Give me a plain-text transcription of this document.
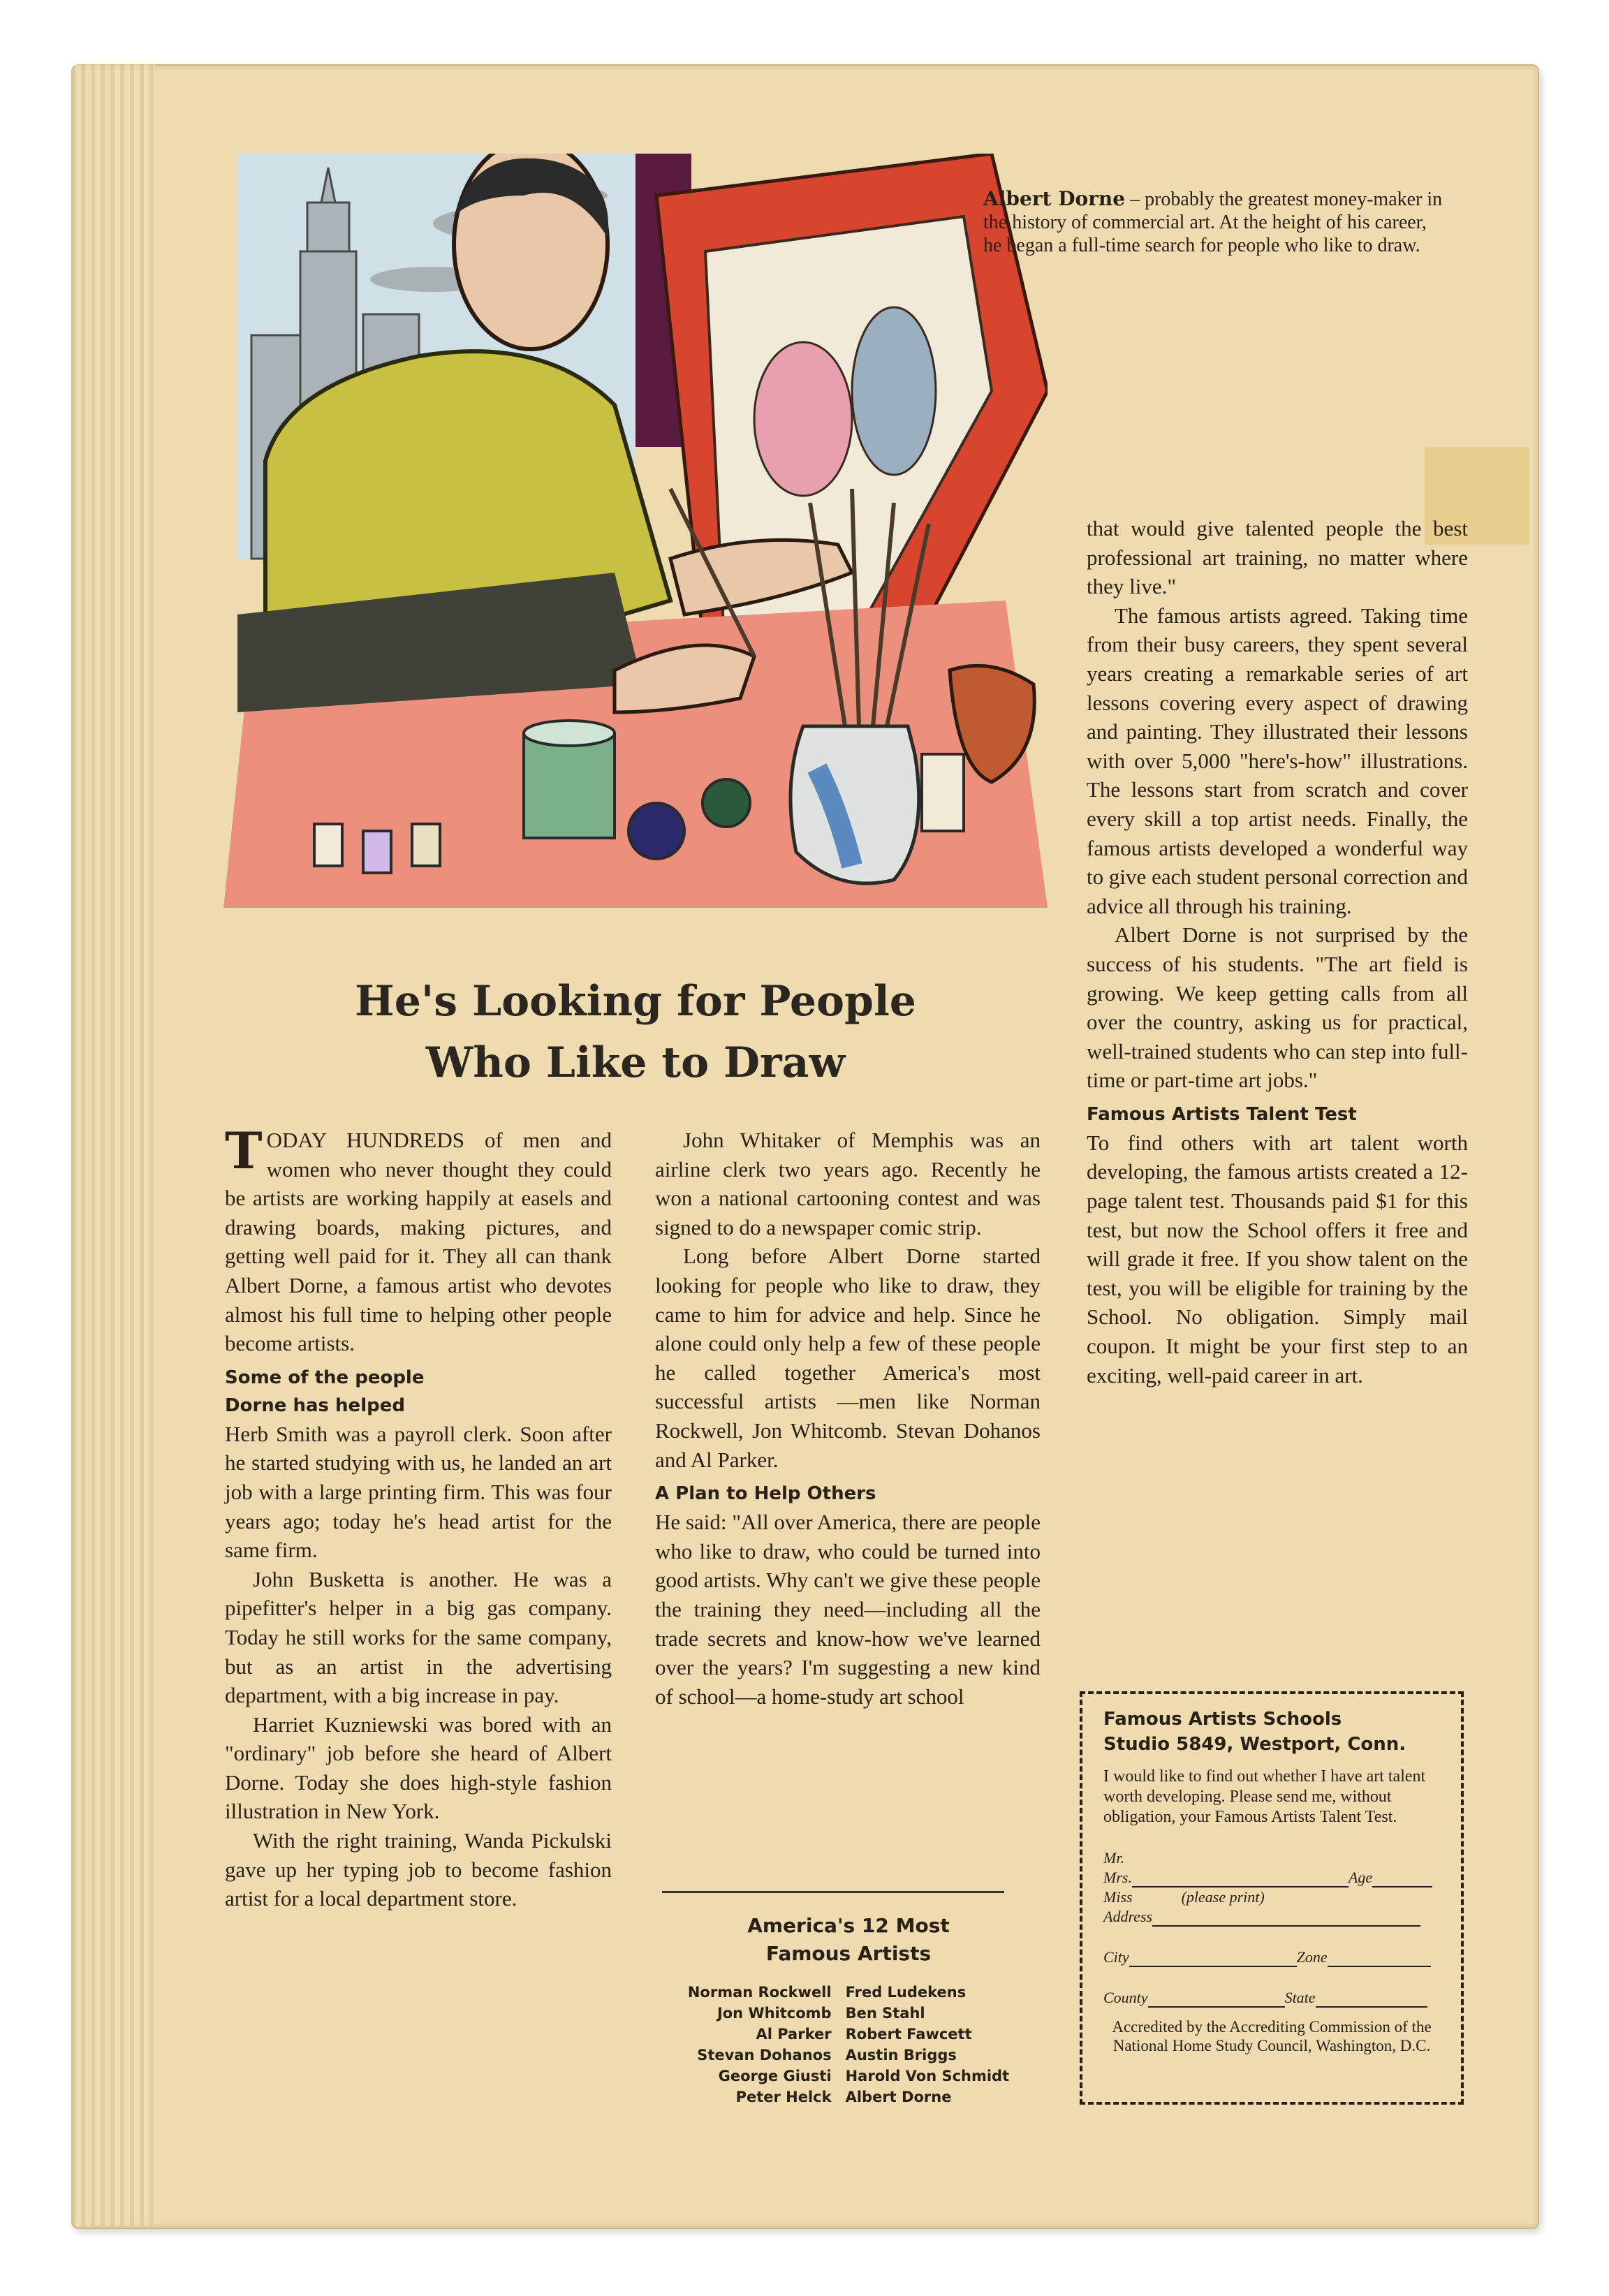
Albert Dorne – probably the greatest money-maker in the history of commercial art. At the height of his career, he began a full-time search for people who like to draw.
He's Looking for People
Who Like to Draw

TODAY HUNDREDS of men and women who never thought they could be artists are working happily at easels and drawing boards, making pictures, and getting well paid for it. They all can thank Albert Dorne, a famous artist who devotes almost his full time to helping other people become artists.

Some of the people
Dorne has helped

Herb Smith was a payroll clerk. Soon after he started studying with us, he landed an art job with a large printing firm. This was four years ago; today he's head artist for the same firm.

John Busketta is another. He was a pipefitter's helper in a big gas company. Today he still works for the same company, but as an artist in the advertising department, with a big increase in pay.

Harriet Kuzniewski was bored with an "ordinary" job before she heard of Albert Dorne. Today she does high-style fashion illustration in New York.

With the right training, Wanda Pickulski gave up her typing job to become fashion artist for a local department store.

John Whitaker of Memphis was an airline clerk two years ago. Recently he won a national cartooning contest and was signed to do a newspaper comic strip.

Long before Albert Dorne started looking for people who like to draw, they came to him for advice and help. Since he alone could only help a few of these people he called together America's most successful artists —men like Norman Rockwell, Jon Whitcomb. Stevan Dohanos and Al Parker.

A Plan to Help Others

He said: "All over America, there are people who like to draw, who could be turned into good artists. Why can't we give these people the training they need—including all the trade secrets and know-how we've learned over the years? I'm suggesting a new kind of school—a home-study art school

America's 12 Most
Famous Artists
Norman Rockwell	Fred Ludekens
Jon Whitcomb	Ben Stahl
Al Parker	Robert Fawcett
Stevan Dohanos	Austin Briggs
George Giusti	Harold Von Schmidt
Peter Helck	Albert Dorne

that would give talented people the best professional art training, no matter where they live."

The famous artists agreed. Taking time from their busy careers, they spent several years creating a remarkable series of art lessons covering every aspect of drawing and painting. They illustrated their lessons with over 5,000 "here's-how" illustrations. The lessons start from scratch and cover every skill a top artist needs. Finally, the famous artists developed a wonderful way to give each student personal correction and advice all through his training.

Albert Dorne is not surprised by the success of his students. "The art field is growing. We keep getting calls from all over the country, asking us for practical, well-trained students who can step into full-time or part-time art jobs."

Famous Artists Talent Test

To find others with art talent worth developing, the famous artists created a 12-page talent test. Thousands paid $1 for this test, but now the School offers it free and will grade it free. If you show talent on the test, you will be eligible for training by the School. No obligation. Simply mail coupon. It might be your first step to an exciting, well-paid career in art.

Famous Artists Schools
Studio 5849, Westport, Conn.
I would like to find out whether I have art talent worth developing. Please send me, without obligation, your Famous Artists Talent Test.
Mr.
Mrs.	Age
Miss	(please print)
Address
City	Zone
County	State
Accredited by the Accrediting Commission of the National Home Study Council, Washington, D.C.
